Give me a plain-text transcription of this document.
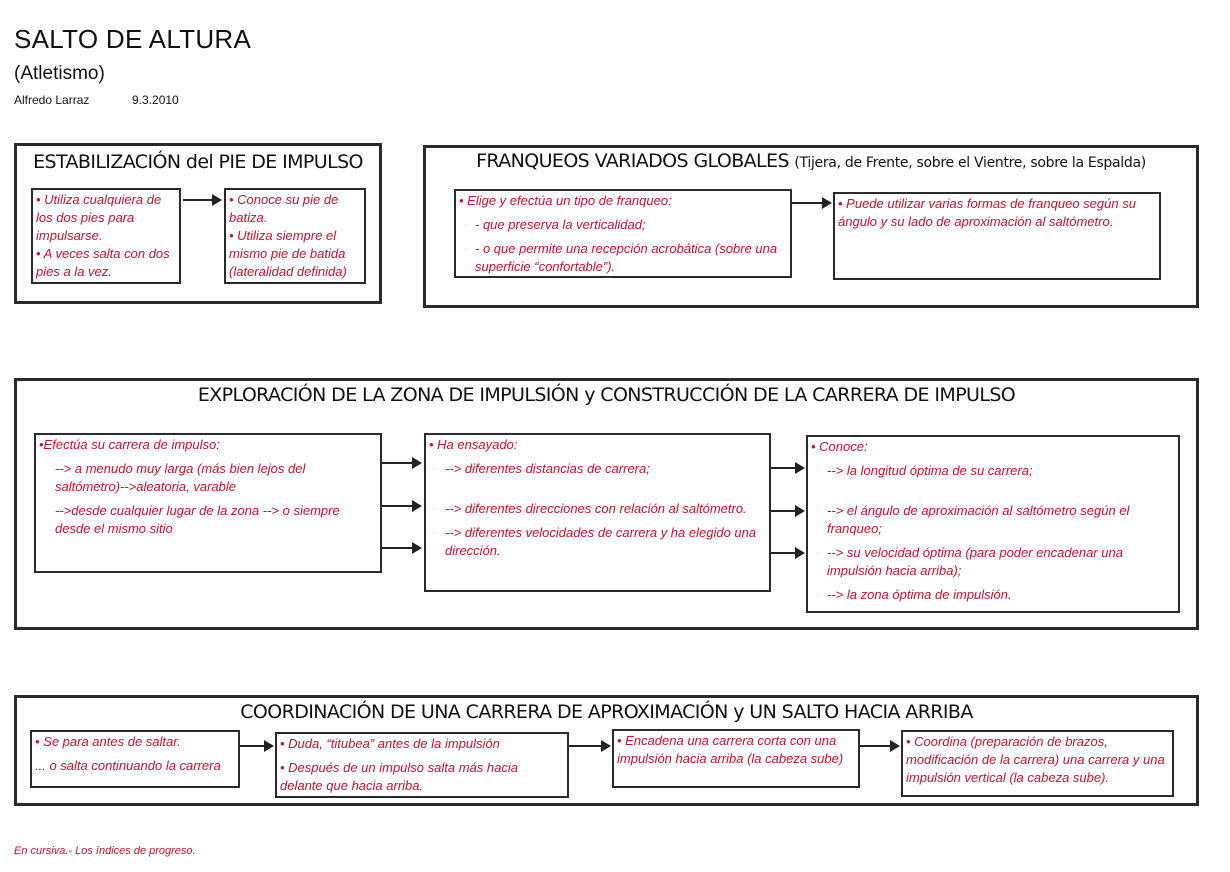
SALTO DE ALTURA
(Atletismo)
Alfredo Larraz	9.3.2010
ESTABILIZACIÓN del PIE DE IMPULSO

• Utiliza cualquiera de los dos pies para impulsarse.

• A veces salta con dos pies a la vez.

• Conoce su pie de batiza.

• Utiliza siempre el mismo pie de batida (lateralidad definida)

FRANQUEOS VARIADOS GLOBALES (Tijera, de Frente, sobre el Vientre, sobre la Espalda)

• Elige y efectúa un tipo de franqueo:

- que preserva la verticalidad;

- o que permite una recepción acrobática (sobre una superficie “confortable”).

• Puede utilizar varias formas de franqueo según su ángulo y su lado de aproximación al saltómetro.

EXPLORACIÓN DE LA ZONA DE IMPULSIÓN y CONSTRUCCIÓN DE LA CARRERA DE IMPULSO

•Efectúa su carrera de impulso:

--> a menudo muy larga (más bien lejos del saltómetro)-->aleatoria, varable

-->desde cualquier lugar de la zona --> o siempre desde el mismo sitio

• Ha ensayado:

--> diferentes distancias de carrera;

--> diferentes direcciones con relación al saltómetro.

--> diferentes velocidades de carrera y ha elegido una dirección.

• Conoce:

--> la longitud óptima de su carrera;

--> el ángulo de aproximación al saltómetro según el franqueo;

--> su velocidad óptima (para poder encadenar una impulsión hacia arriba);

--> la zona óptima de impulsión.

COORDINACIÓN DE UNA CARRERA DE APROXIMACIÓN y UN SALTO HACIA ARRIBA

• Se para antes de saltar.

... o salta continuando la carrera

• Duda, “titubea” antes de la impulsión

• Después de un impulso salta más hacia delante que hacia arriba.

• Encadena una carrera corta con una impulsión hacia arriba (la cabeza sube)

• Coordina (preparación de brazos, modificación de la carrera) una carrera y una impulsión vertical (la cabeza sube).

En cursiva.- Los índices de progreso.
